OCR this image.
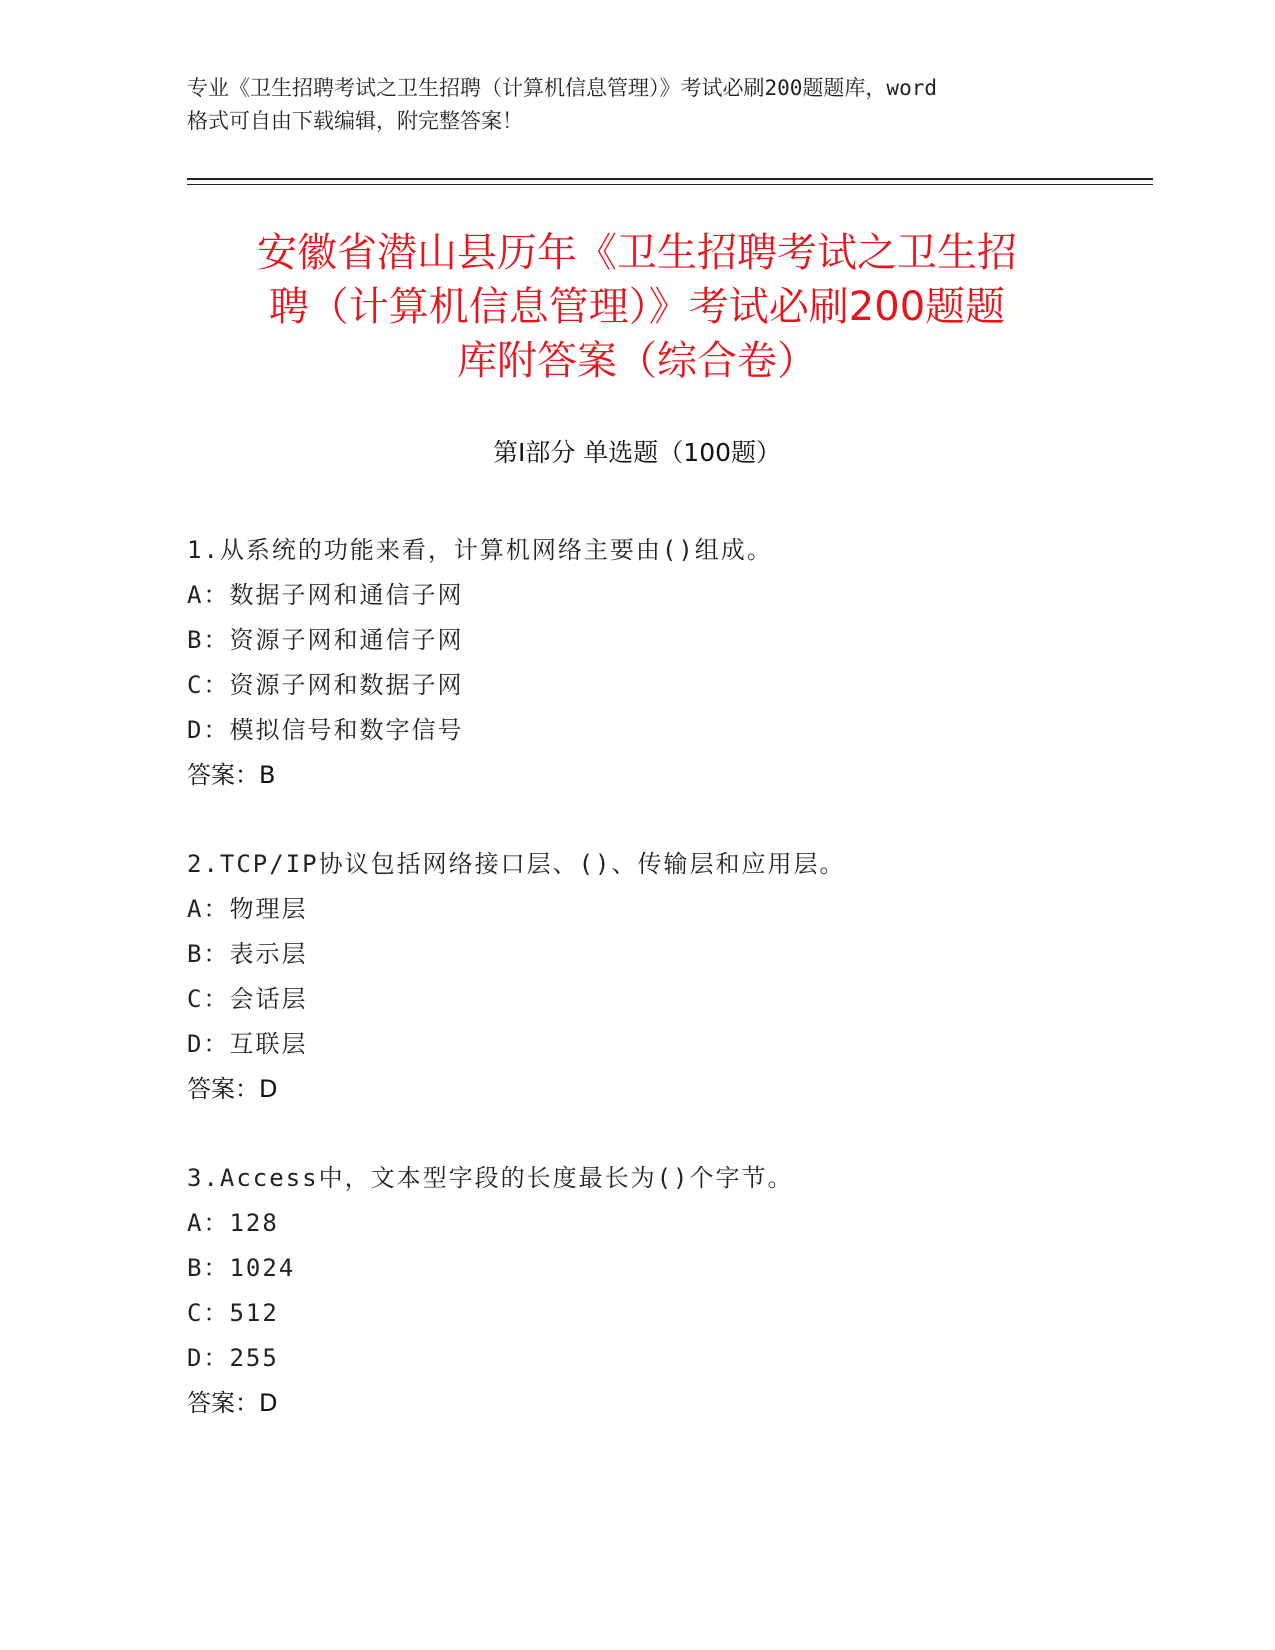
专业《卫生招聘考试之卫生招聘（计算机信息管理）》考试必刷200题题库，word
格式可自由下载编辑，附完整答案！
安徽省潜山县历年《卫生招聘考试之卫生招
聘（计算机信息管理）》考试必刷200题题
库附答案（综合卷）
第Ⅰ部分 单选题（100题）
1.从系统的功能来看，计算机网络主要由()组成。
A：数据子网和通信子网
B：资源子网和通信子网
C：资源子网和数据子网
D：模拟信号和数字信号
答案：B
2.TCP/IP协议包括网络接口层、()、传输层和应用层。
A：物理层
B：表示层
C：会话层
D：互联层
答案：D
3.Access中，文本型字段的长度最长为()个字节。
A：128
B：1024
C：512
D：255
答案：D
